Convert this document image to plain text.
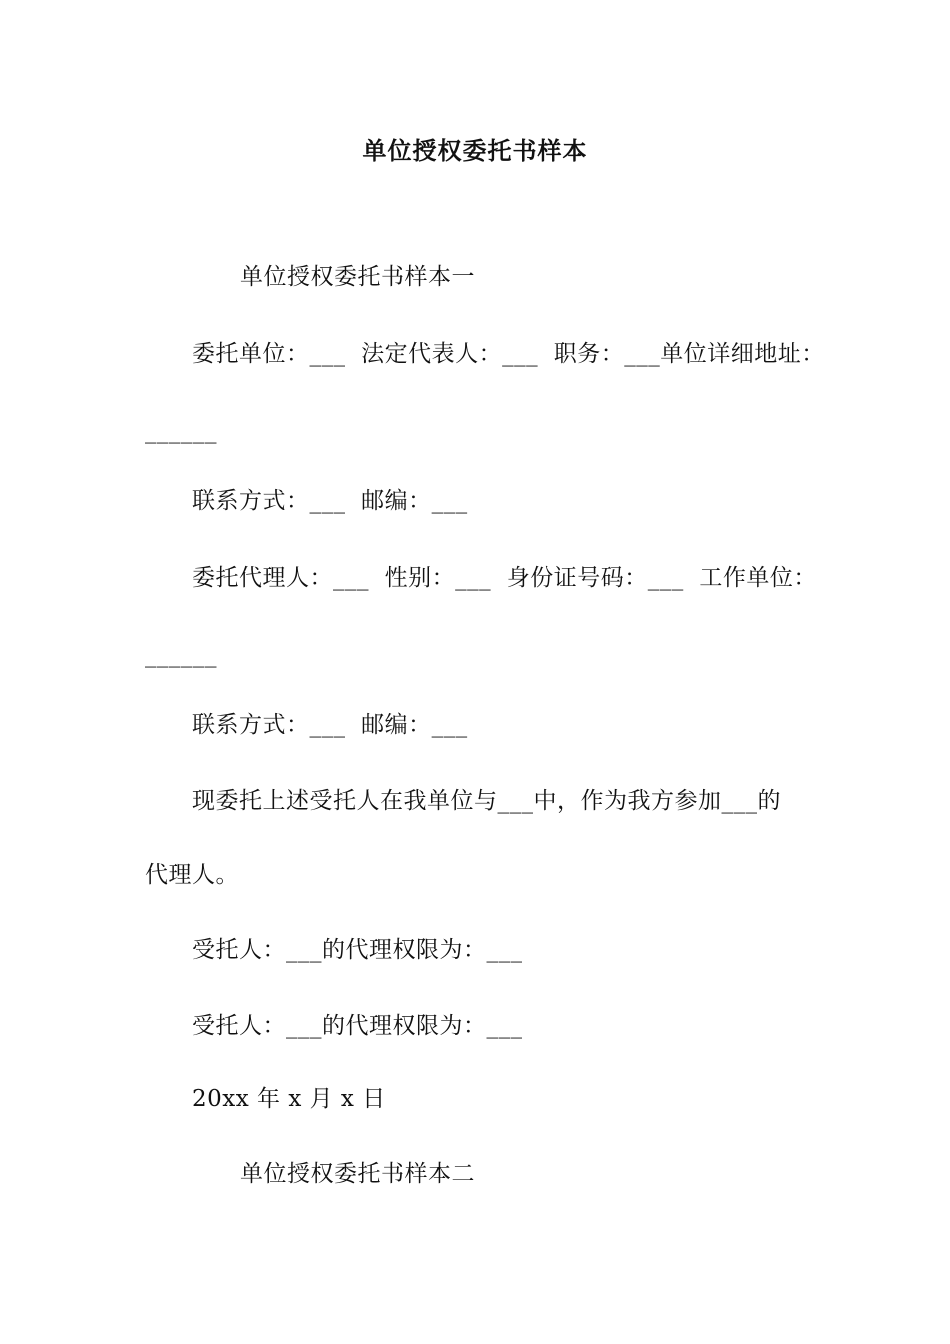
单位授权委托书样本
单位授权委托书样本一
委托单位：___  法定代表人：___  职务：___单位详细地址：
______
联系方式：___  邮编：___
委托代理人：___  性别：___  身份证号码：___  工作单位：
______
联系方式：___  邮编：___
现委托上述受托人在我单位与___中，作为我方参加___的
代理人。
受托人：___的代理权限为：___
受托人：___的代理权限为：___
20xx 年 x 月 x 日
单位授权委托书样本二
